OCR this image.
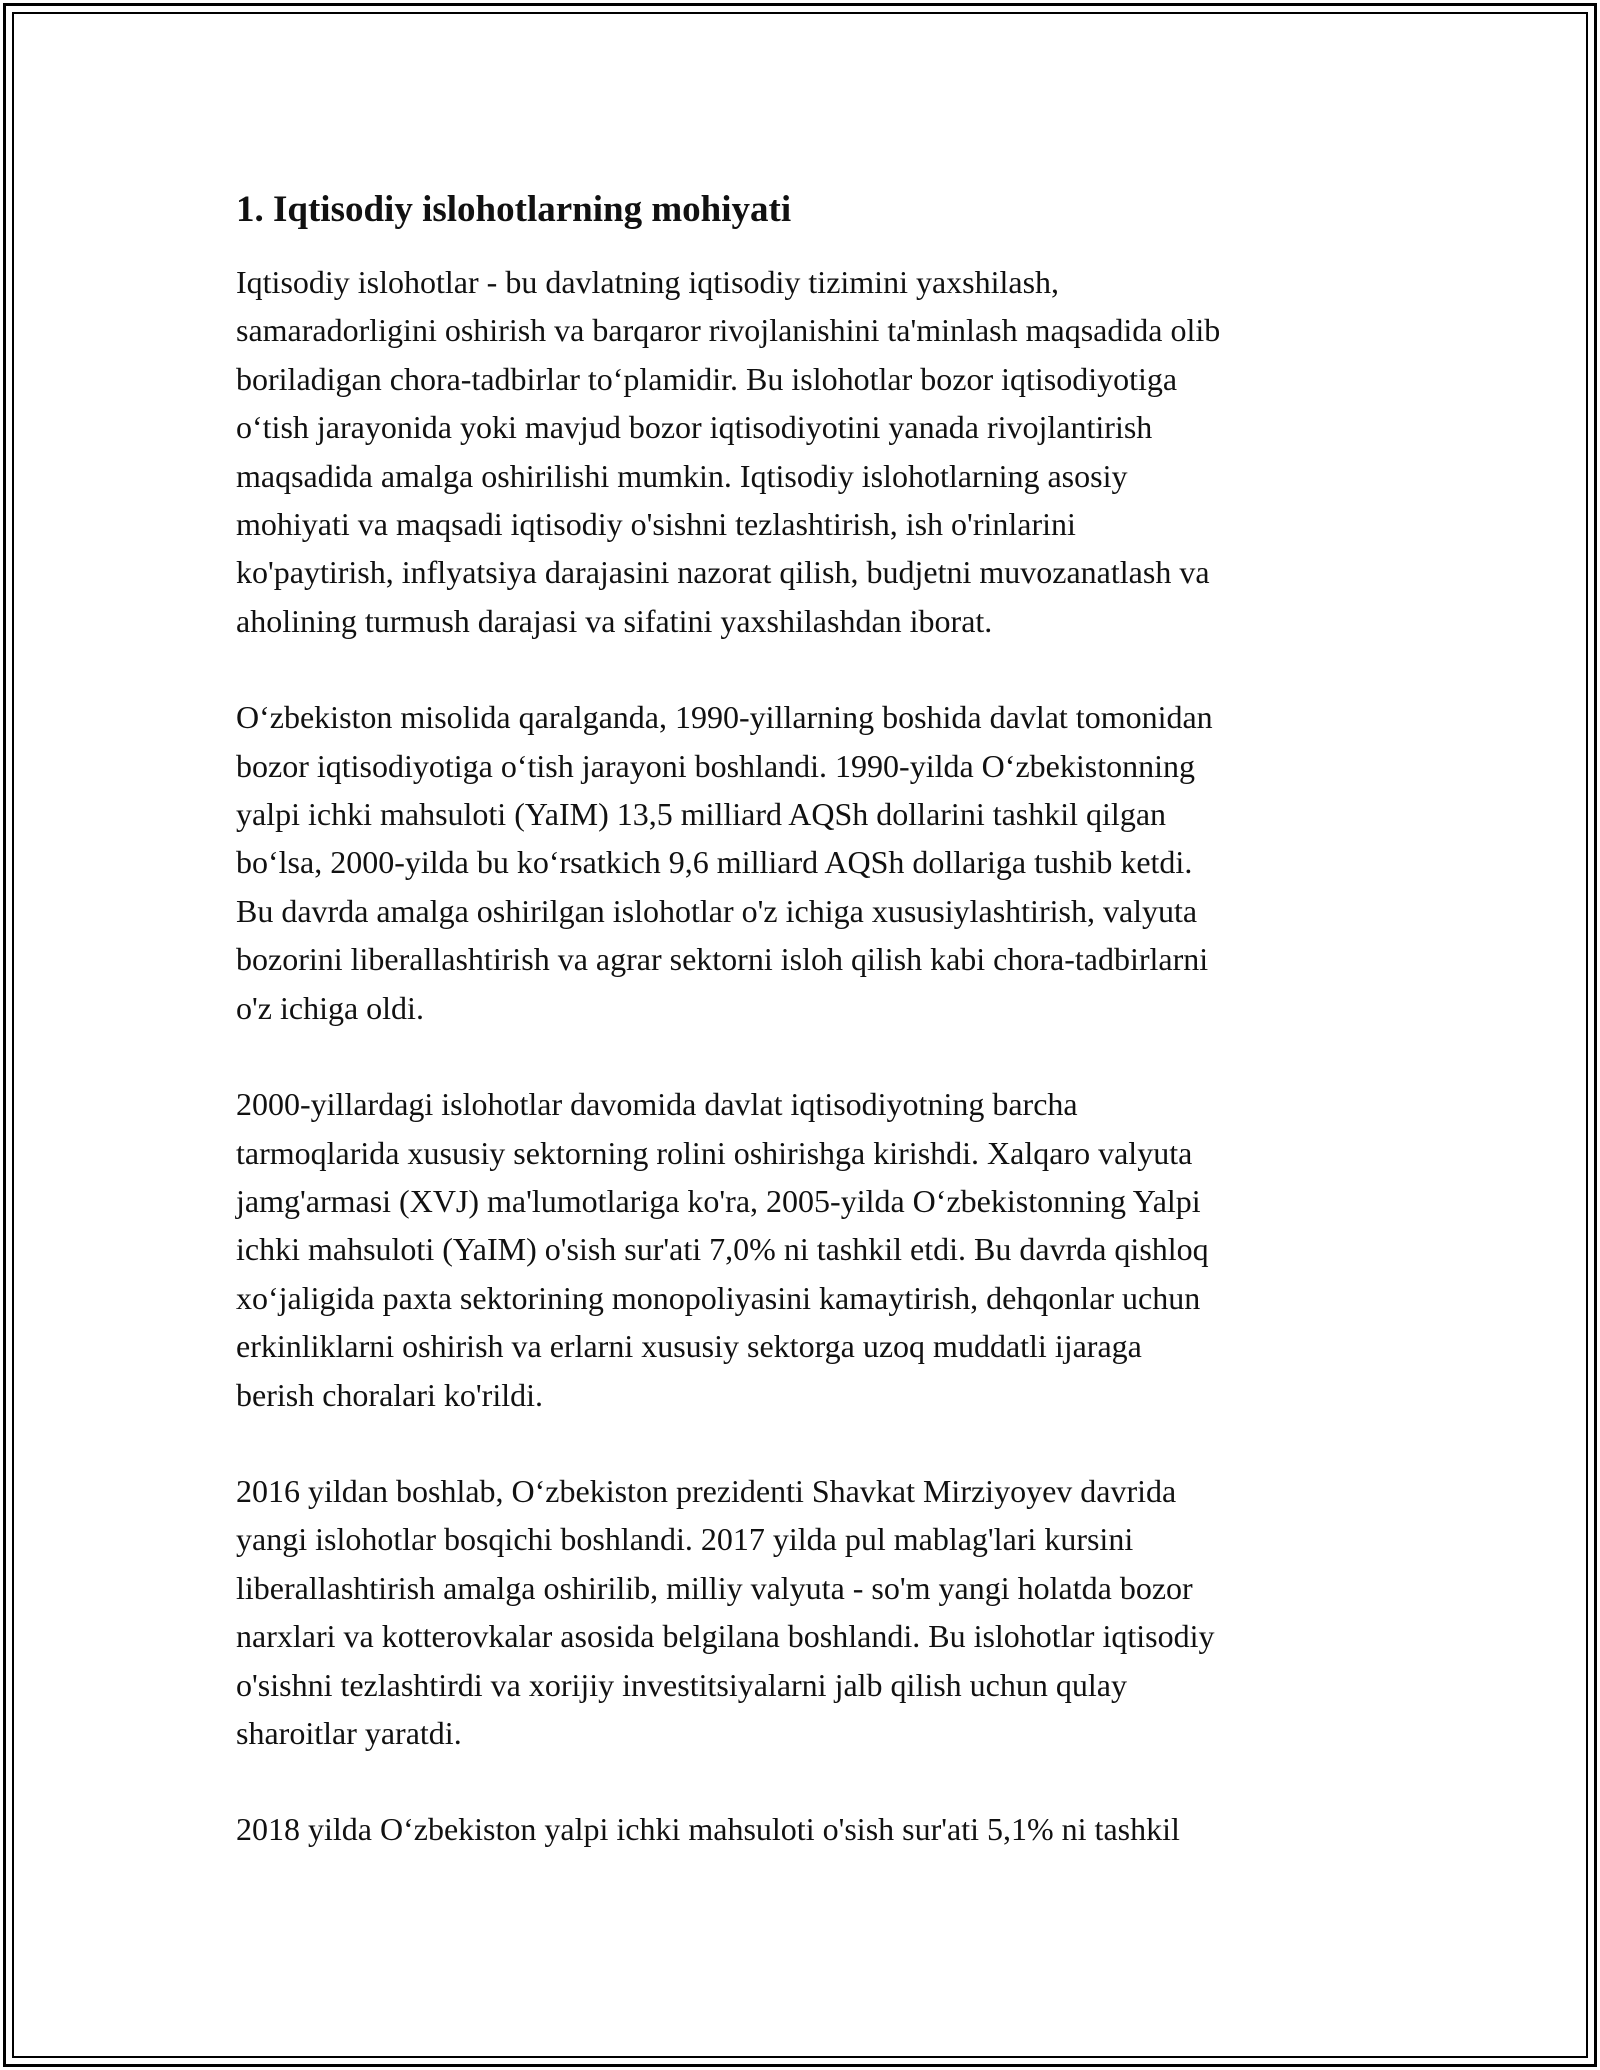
1. Iqtisodiy islohotlarning mohiyati

Iqtisodiy islohotlar - bu davlatning iqtisodiy tizimini yaxshilash,
samaradorligini oshirish va barqaror rivojlanishini ta'minlash maqsadida olib
boriladigan chora-tadbirlar to‘plamidir. Bu islohotlar bozor iqtisodiyotiga
o‘tish jarayonida yoki mavjud bozor iqtisodiyotini yanada rivojlantirish
maqsadida amalga oshirilishi mumkin. Iqtisodiy islohotlarning asosiy
mohiyati va maqsadi iqtisodiy o'sishni tezlashtirish, ish o'rinlarini
ko'paytirish, inflyatsiya darajasini nazorat qilish, budjetni muvozanatlash va
aholining turmush darajasi va sifatini yaxshilashdan iborat.

O‘zbekiston misolida qaralganda, 1990-yillarning boshida davlat tomonidan
bozor iqtisodiyotiga o‘tish jarayoni boshlandi. 1990-yilda O‘zbekistonning
yalpi ichki mahsuloti (YaIM) 13,5 milliard AQSh dollarini tashkil qilgan
bo‘lsa, 2000-yilda bu ko‘rsatkich 9,6 milliard AQSh dollariga tushib ketdi.
Bu davrda amalga oshirilgan islohotlar o'z ichiga xususiylashtirish, valyuta
bozorini liberallashtirish va agrar sektorni isloh qilish kabi chora-tadbirlarni
o'z ichiga oldi.

2000-yillardagi islohotlar davomida davlat iqtisodiyotning barcha
tarmoqlarida xususiy sektorning rolini oshirishga kirishdi. Xalqaro valyuta
jamg'armasi (XVJ) ma'lumotlariga ko'ra, 2005-yilda O‘zbekistonning Yalpi
ichki mahsuloti (YaIM) o'sish sur'ati 7,0% ni tashkil etdi. Bu davrda qishloq
xo‘jaligida paxta sektorining monopoliyasini kamaytirish, dehqonlar uchun
erkinliklarni oshirish va erlarni xususiy sektorga uzoq muddatli ijaraga
berish choralari ko'rildi.

2016 yildan boshlab, O‘zbekiston prezidenti Shavkat Mirziyoyev davrida
yangi islohotlar bosqichi boshlandi. 2017 yilda pul mablag'lari kursini
liberallashtirish amalga oshirilib, milliy valyuta - so'm yangi holatda bozor
narxlari va kotterovkalar asosida belgilana boshlandi. Bu islohotlar iqtisodiy
o'sishni tezlashtirdi va xorijiy investitsiyalarni jalb qilish uchun qulay
sharoitlar yaratdi.

2018 yilda O‘zbekiston yalpi ichki mahsuloti o'sish sur'ati 5,1% ni tashkil
